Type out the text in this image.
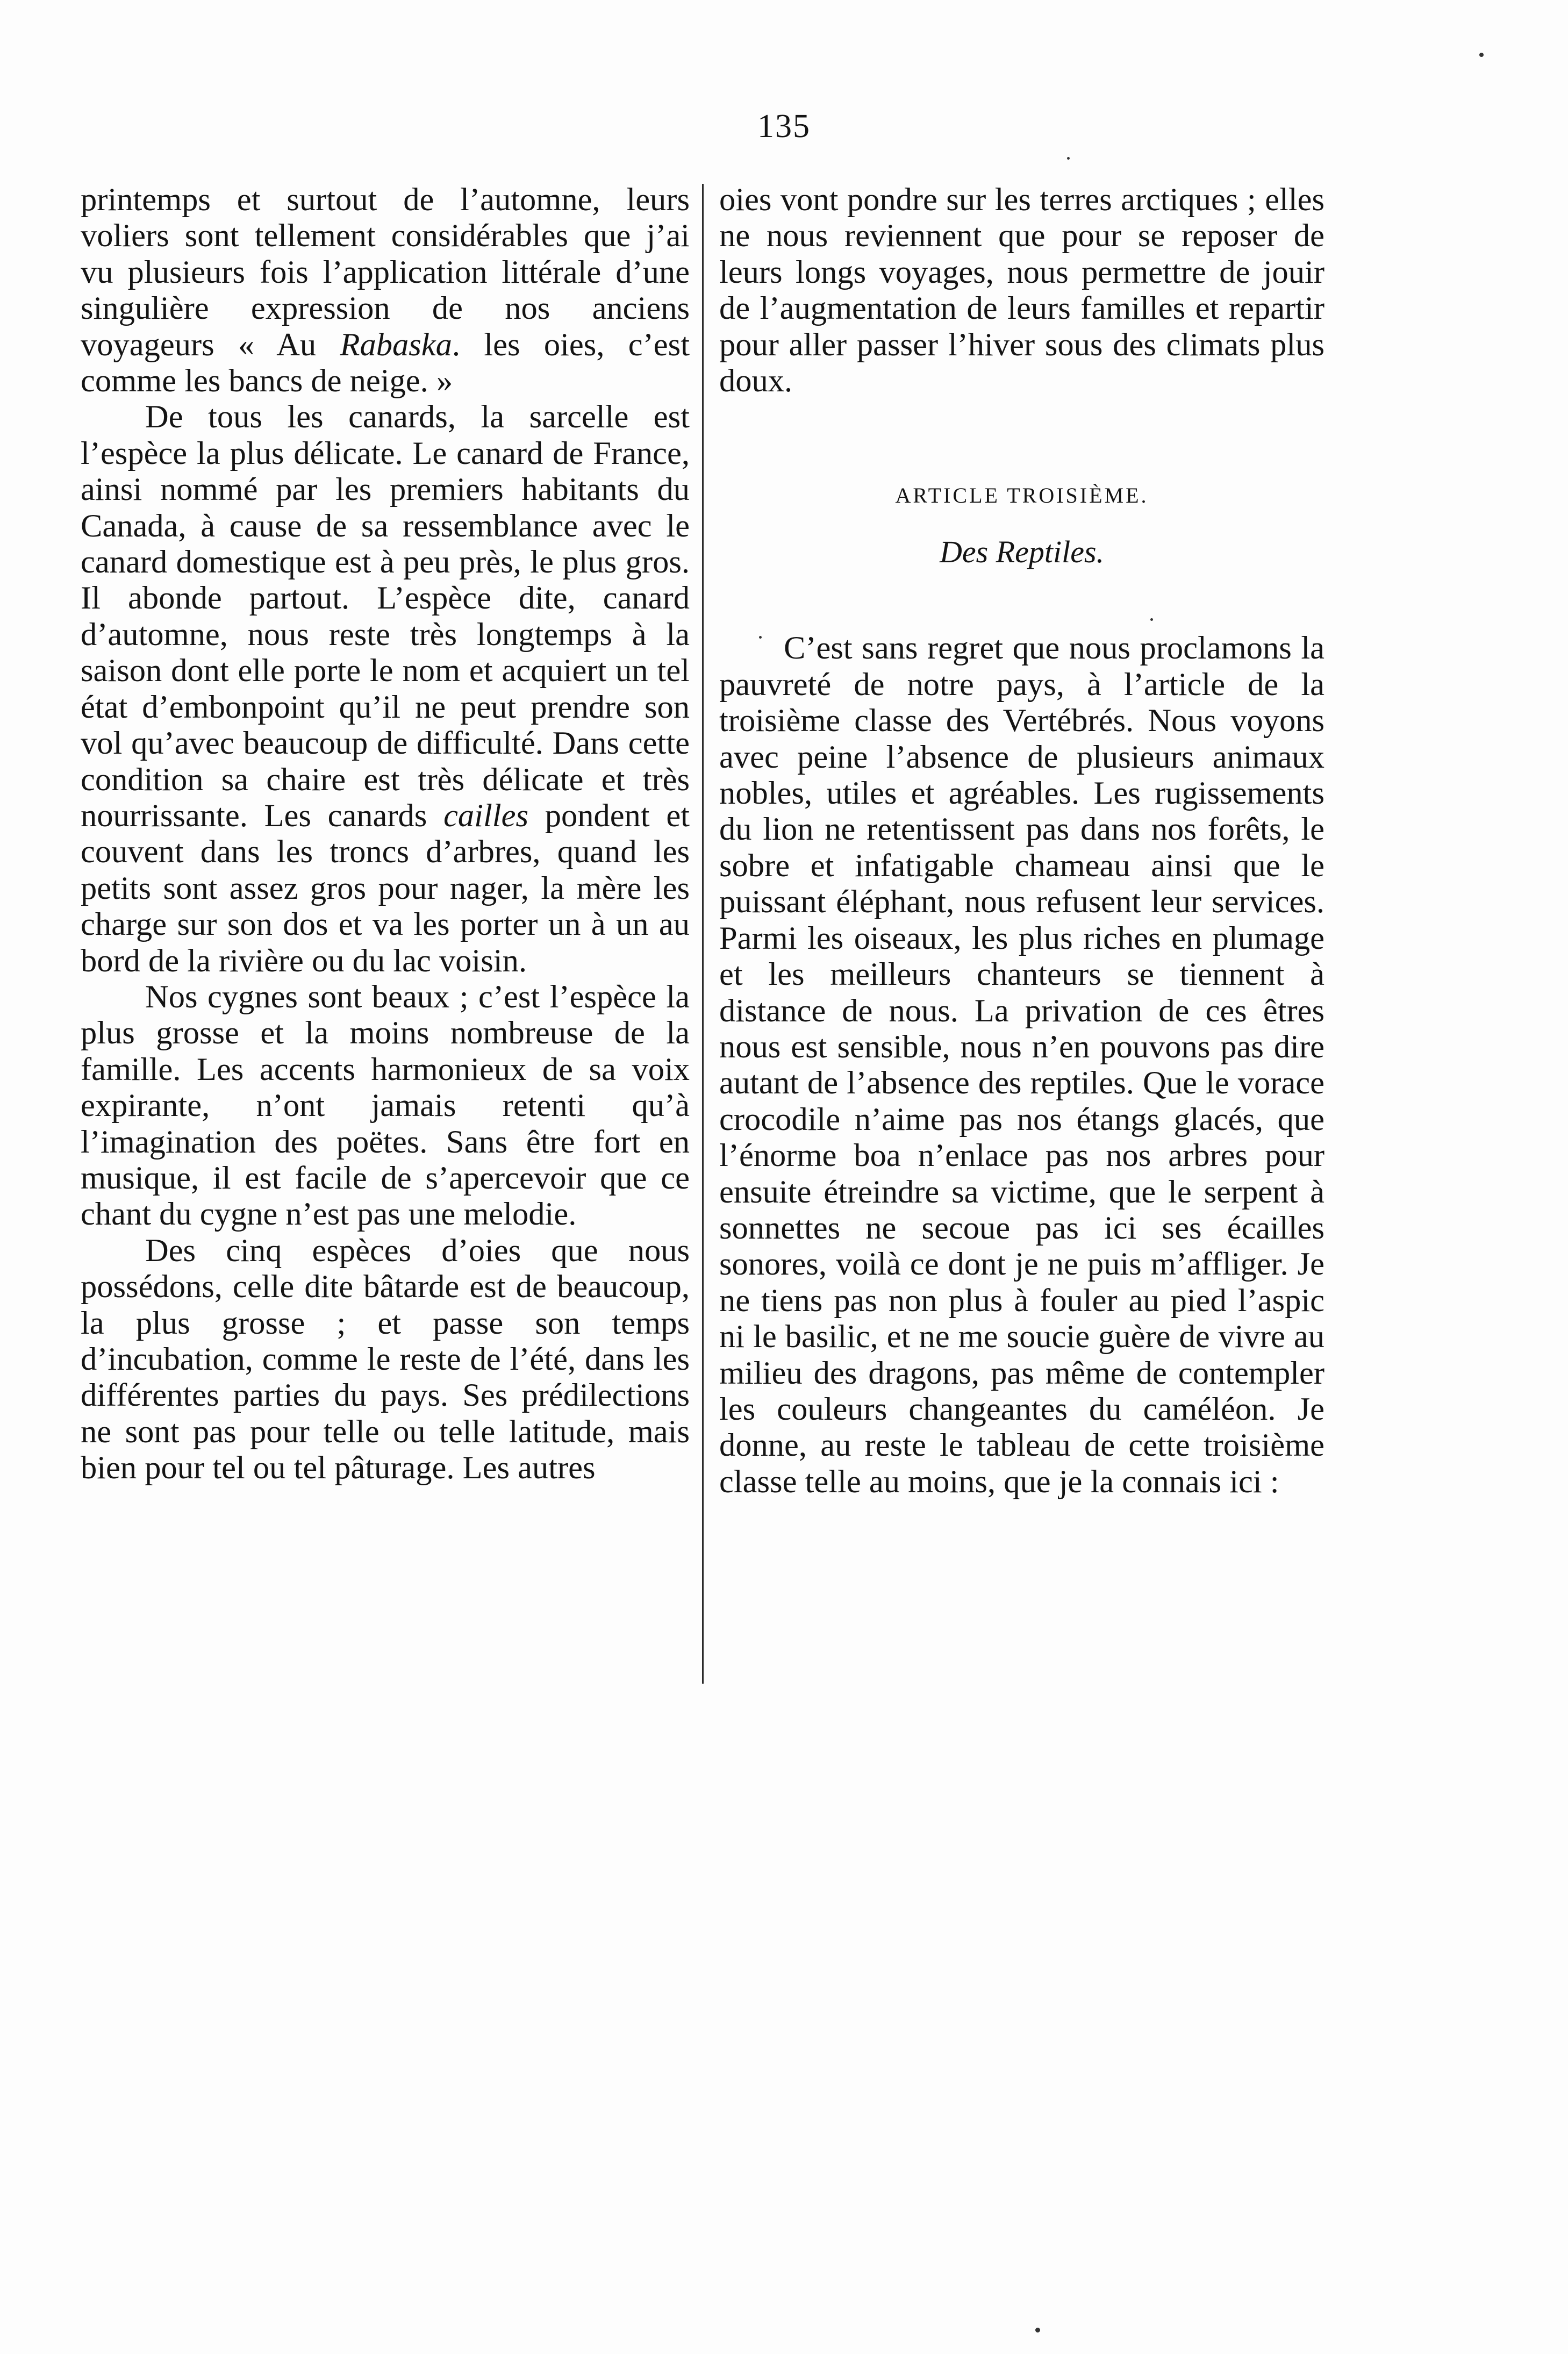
135

printemps et surtout de l’automne, leurs voliers sont tellement considérables que j’ai vu plusieurs fois l’application littérale d’une singulière expression de nos anciens voyageurs « Au Rabaska. les oies, c’est comme les bancs de neige. »

De tous les canards, la sarcelle est l’espèce la plus délicate. Le canard de France, ainsi nommé par les premiers habitants du Canada, à cause de sa ressemblance avec le canard domestique est à peu près, le plus gros. Il abonde partout. L’espèce dite, canard d’automne, nous reste très longtemps à la saison dont elle porte le nom et acquiert un tel état d’embonpoint qu’il ne peut prendre son vol qu’avec beaucoup de difficulté. Dans cette condition sa chaire est très délicate et très nourrissante. Les canards cailles pondent et couvent dans les troncs d’arbres, quand les petits sont assez gros pour nager, la mère les charge sur son dos et va les porter un à un au bord de la rivière ou du lac voisin.

Nos cygnes sont beaux ; c’est l’espèce la plus grosse et la moins nombreuse de la famille. Les accents harmonieux de sa voix expirante, n’ont jamais retenti qu’à l’imagination des poëtes. Sans être fort en musique, il est facile de s’apercevoir que ce chant du cygne n’est pas une melodie.

Des cinq espèces d’oies que nous possédons, celle dite bâtarde est de beaucoup, la plus grosse ; et passe son temps d’incubation, comme le reste de l’été, dans les différentes parties du pays. Ses prédilections ne sont pas pour telle ou telle latitude, mais bien pour tel ou tel pâturage. Les autres

oies vont pondre sur les terres arctiques ; elles ne nous reviennent que pour se reposer de leurs longs voyages, nous permettre de jouir de l’augmentation de leurs familles et repartir pour aller passer l’hiver sous des climats plus doux.

ARTICLE TROISIÈME.

Des Reptiles.

C’est sans regret que nous proclamons la pauvreté de notre pays, à l’article de la troisième classe des Vertébrés. Nous voyons avec peine l’absence de plusieurs animaux nobles, utiles et agréables. Les rugissements du lion ne retentissent pas dans nos forêts, le sobre et infatigable chameau ainsi que le puissant éléphant, nous refusent leur services. Parmi les oiseaux, les plus riches en plumage et les meilleurs chanteurs se tiennent à distance de nous. La privation de ces êtres nous est sensible, nous n’en pouvons pas dire autant de l’absence des reptiles. Que le vorace crocodile n’aime pas nos étangs glacés, que l’énorme boa n’enlace pas nos arbres pour ensuite étreindre sa victime, que le serpent à sonnettes ne secoue pas ici ses écailles sonores, voilà ce dont je ne puis m’affliger. Je ne tiens pas non plus à fouler au pied l’aspic ni le basilic, et ne me soucie guère de vivre au milieu des dragons, pas même de contempler les couleurs changeantes du caméléon. Je donne, au reste le tableau de cette troisième classe telle au moins, que je la connais ici :
